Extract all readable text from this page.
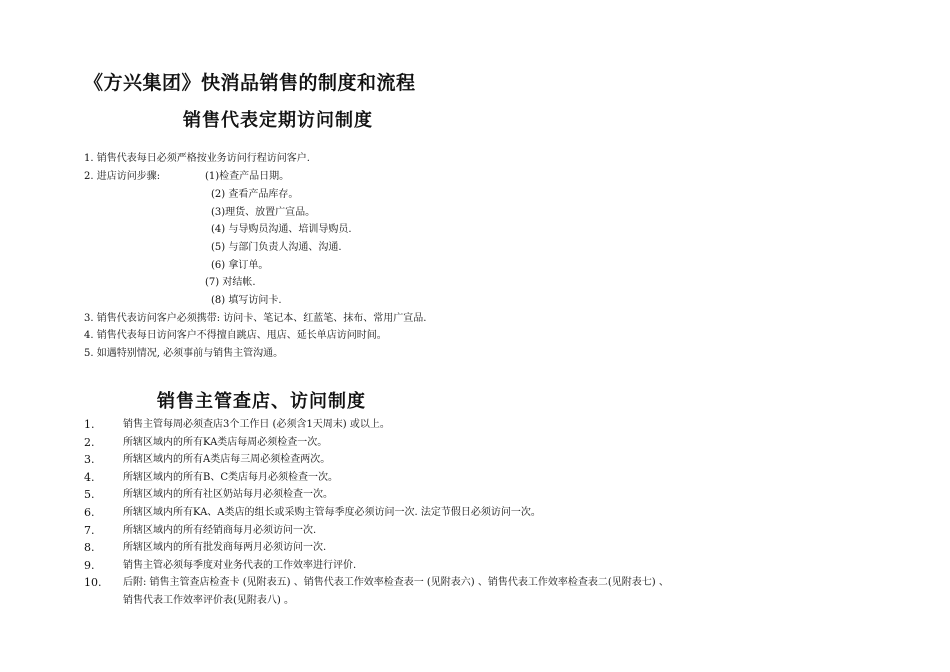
《方兴集团》快消品销售的制度和流程
销售代表定期访问制度
1. 销售代表每日必须严格按业务访问行程访问客户.
2. 进店访问步骤:	(1)检查产品日期。
(2) 查看产品库存。
(3)理货、放置广宣品。
(4) 与导购员沟通、培训导购员.
(5) 与部门负责人沟通、沟通.
(6) 拿订单。
(7) 对结帐.
(8) 填写访问卡.
3. 销售代表访问客户必须携带: 访问卡、笔记本、红蓝笔、抹布、常用广宣品.
4. 销售代表每日访问客户不得擅自跳店、甩店、延长单店访问时间。
5. 如遇特别情况, 必须事前与销售主管沟通。
销售主管查店、访问制度
1.	销售主管每周必须查店3个工作日 (必须含1天周末) 或以上。
2.	所辖区域内的所有KA类店每周必须检查一次。
3.	所辖区域内的所有A类店每三周必须检查两次。
4.	所辖区域内的所有B、C类店每月必须检查一次。
5.	所辖区域内的所有社区奶站每月必须检查一次。
6.	所辖区域内所有KA、A类店的组长或采购主管每季度必须访问一次. 法定节假日必须访问一次。
7.	所辖区域内的所有经销商每月必须访问一次.
8.	所辖区域内的所有批发商每两月必须访问一次.
9.	销售主管必须每季度对业务代表的工作效率进行评价.
10. 后附: 销售主管查店检查卡 (见附表五) 、销售代表工作效率检查表一 (见附表六) 、销售代表工作效率检查表二(见附表七) 、
销售代表工作效率评价表(见附表八) 。
